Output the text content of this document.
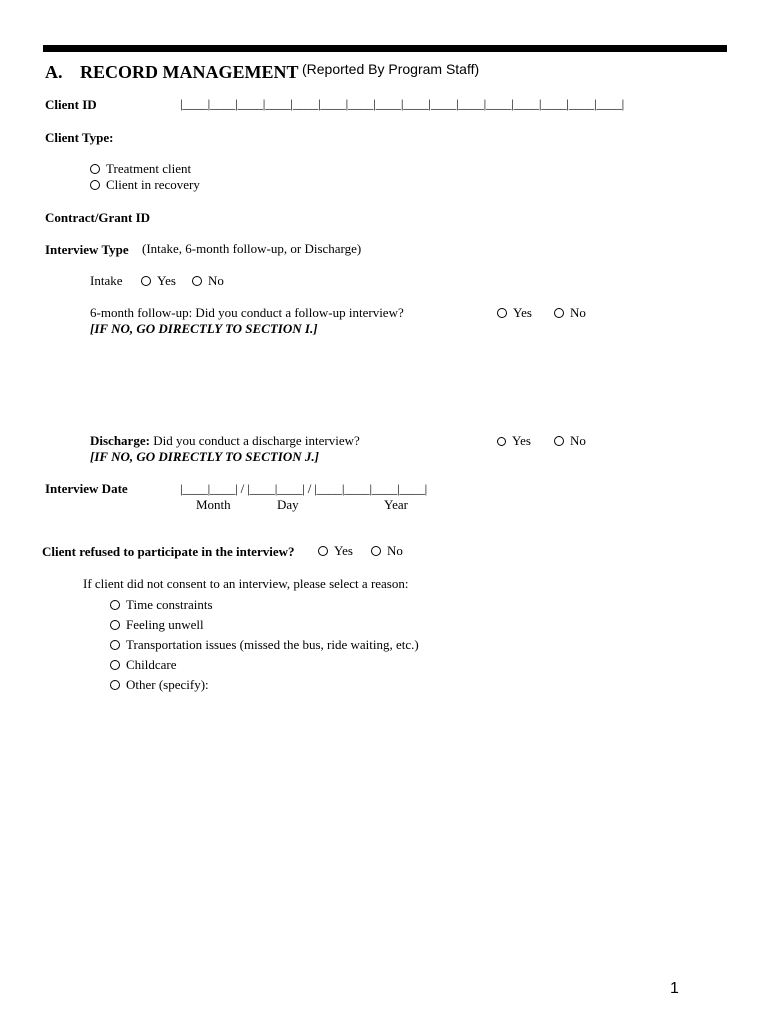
A. RECORD MANAGEMENT (Reported By Program Staff)
Client ID	|____|____|____|____|____|____|____|____|____|____|____|____|____|____|____|____|
Client Type:
Treatment client
Client in recovery
Contract/Grant ID
Interview Type (Intake, 6-month follow-up, or Discharge)
Intake	Yes	No
6-month follow-up: Did you conduct a follow-up interview?
[IF NO, GO DIRECTLY TO SECTION I.]
Yes	No
Discharge: Did you conduct a discharge interview?
[IF NO, GO DIRECTLY TO SECTION J.]
Yes	No
Interview Date	|____|____| / |____|____| / |____|____|____|____|
Month	Day	Year
Client refused to participate in the interview?	Yes	No
If client did not consent to an interview, please select a reason:
Time constraints
Feeling unwell
Transportation issues (missed the bus, ride waiting, etc.)
Childcare
Other (specify):
1
